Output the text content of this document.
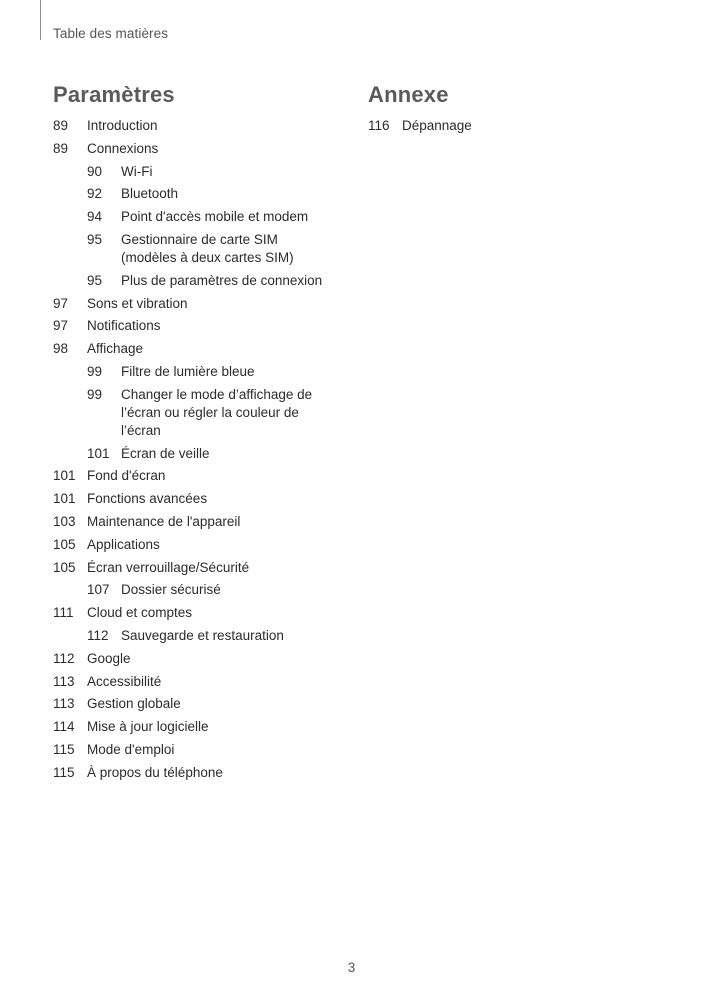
Table des matières
Paramètres
89	Introduction
89	Connexions
90	Wi-Fi
92	Bluetooth
94	Point d'accès mobile et modem
95	Gestionnaire de carte SIM (modèles à deux cartes SIM)
95	Plus de paramètres de connexion
97	Sons et vibration
97	Notifications
98	Affichage
99	Filtre de lumière bleue
99	Changer le mode d’affichage de l’écran ou régler la couleur de l’écran
101 Écran de veille
101 Fond d'écran
101 Fonctions avancées
103 Maintenance de l'appareil
105 Applications
105 Écran verrouillage/Sécurité
107 Dossier sécurisé
111 Cloud et comptes
112 Sauvegarde et restauration
112 Google
113 Accessibilité
113 Gestion globale
114 Mise à jour logicielle
115 Mode d'emploi
115 À propos du téléphone
Annexe
116 Dépannage
3
